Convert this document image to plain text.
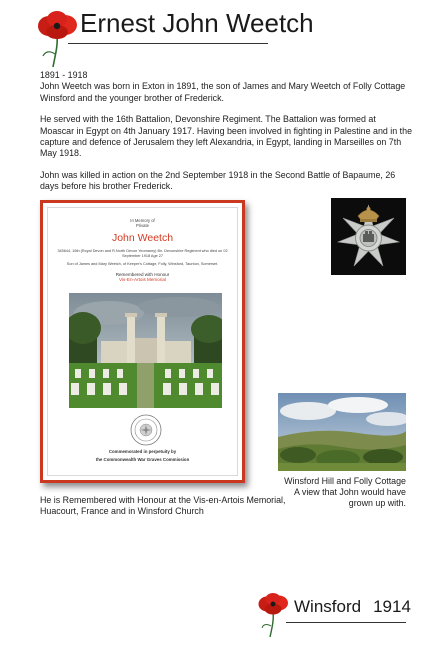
Ernest John Weetch

1891 - 1918

John Weetch was born in Exton in 1891, the son of James and Mary Weetch of Folly Cottage Winsford and the younger brother of Frederick.

He served with the 16th Battalion, Devonshire Regiment. The Battalion was formed at Moascar in Egypt on 4th January 1917. Having been involved in fighting in Palestine and in the capture and defence of Jerusalem they left Alexandria, in Egypt, landing in Marseilles on 7th May 1918.

John was killed in action on the 2nd September 1918 in the Second Battle of Bapaume, 26 days before his brother Frederick.

In Memory of
Private
John Weetch
345644, 16th (Royal Devon and R.North Devon Yeomanry) Bn. Devonshire Regiment who died on 02 September 1918 Age 27
Son of James and Mary Weetch, of Keeper's Cottage, Folly, Winsford, Taunton, Somerset.
Remembered with Honour
Vis-En-Artois Memorial
Commemorated in perpetuity by
the Commonwealth War Graves Commission
He is Remembered with Honour at the Vis-en-Artois Memorial, Huacourt, France and in Winsford Church
Winsford Hill and Folly Cottage
A view that John would have grown up with.
Winsford 1914
